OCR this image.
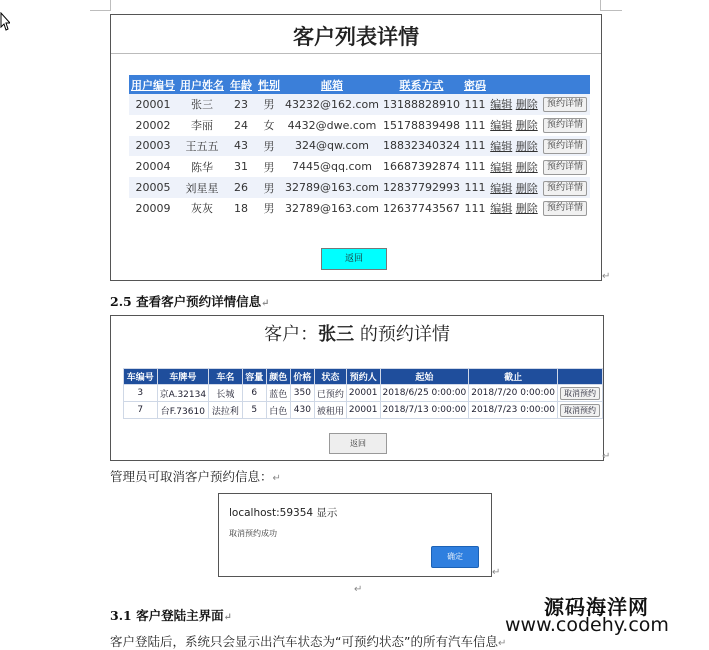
客户列表详情
用户编号	用户姓名	年龄	性别	邮箱	联系方式	密码		
20001	张三	23	男	43232@162.com	13188828910	111	编辑 删除	预约详情
20002	李丽	24	女	4432@dwe.com	15178839498	111	编辑 删除	预约详情
20003	王五五	43	男	324@qw.com	18832340324	111	编辑 删除	预约详情
20004	陈华	31	男	7445@qq.com	16687392874	111	编辑 删除	预约详情
20005	刘星星	26	男	32789@163.com	12837792993	111	编辑 删除	预约详情
20009	灰灰	18	男	32789@163.com	12637743567	111	编辑 删除	预约详情
返回
↵
2.5 查看客户预约详情信息↵
客户：张三 的预约详情
车编号	车牌号	车名	容量	颜色	价格	状态	预约人	起始	截止	
3	京A.32134	长城	6	蓝色	350	已预约	20001	2018/6/25 0:00:00	2018/7/20 0:00:00	取消预约
7	台F.73610	法拉利	5	白色	430	被租用	20001	2018/7/13 0:00:00	2018/7/23 0:00:00	取消预约
返回
↵
管理员可取消客户预约信息：↵
localhost:59354 显示
取消预约成功
确定
↵
↵
3.1 客户登陆主界面↵
客户登陆后，系统只会显示出汽车状态为“可预约状态”的所有汽车信息↵
源码海洋网
www.codehy.com
